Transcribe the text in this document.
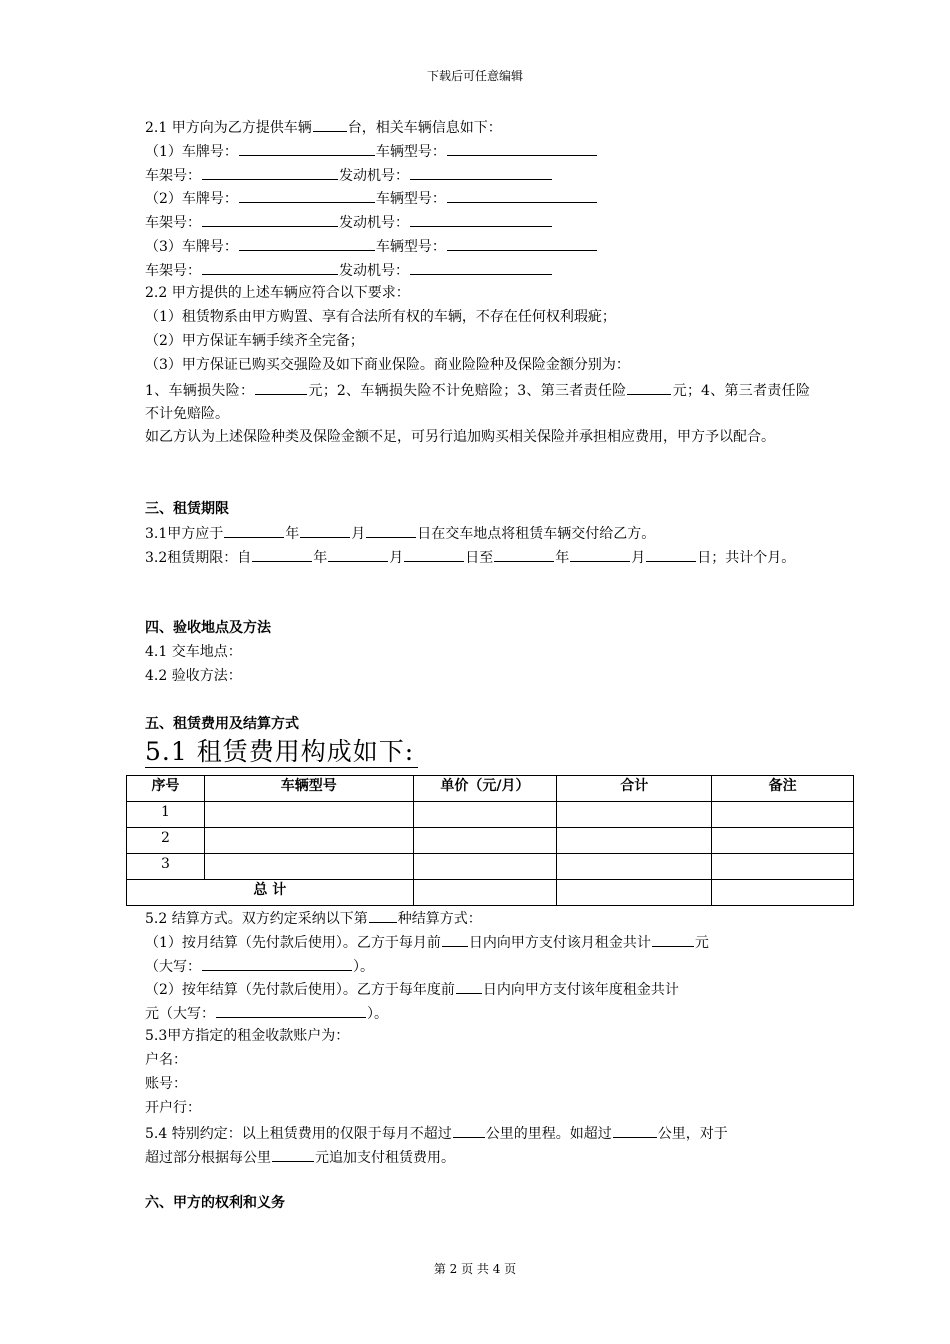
下载后可任意编辑
2.1 甲方向为乙方提供车辆	台，相关车辆信息如下：
（1）车牌号：	车辆型号：
车架号：	发动机号：
（2）车牌号：	车辆型号：
车架号：	发动机号：
（3）车牌号：	车辆型号：
车架号：	发动机号：
2.2 甲方提供的上述车辆应符合以下要求：
（1）租赁物系由甲方购置、享有合法所有权的车辆，不存在任何权利瑕疵；
（2）甲方保证车辆手续齐全完备；
（3）甲方保证已购买交强险及如下商业保险。商业险险种及保险金额分别为：
1、车辆损失险：	元；2、车辆损失险不计免赔险；3、第三者责任险	元；4、第三者责任险不计免赔险。
如乙方认为上述保险种类及保险金额不足，可另行追加购买相关保险并承担相应费用，甲方予以配合。
三、租赁期限
3.1甲方应于	年	月	日在交车地点将租赁车辆交付给乙方。
3.2租赁期限：自	年	月	日至	年	月	日；共计个月。
四、验收地点及方法
4.1 交车地点：
4.2 验收方法：
五、租赁费用及结算方式
5.1 租赁费用构成如下:
序号	车辆型号	单价（元/月）	合计	备注
1				
2				
3				
总 计				
5.2 结算方式。双方约定采纳以下第 种结算方式：
（1）按月结算（先付款后使用）。乙方于每月前 日内向甲方支付该月租金共计	元
（大写：	）。
（2）按年结算（先付款后使用）。乙方于每年度前 日内向甲方支付该年度租金共计
元（大写：	）。
5.3甲方指定的租金收款账户为：
户名：
账号：
开户行：
5.4 特别约定：以上租赁费用的仅限于每月不超过 公里的里程。如超过	公里，对于
超过部分根据每公里	元追加支付租赁费用。
六、甲方的权利和义务
第 2 页 共 4 页
